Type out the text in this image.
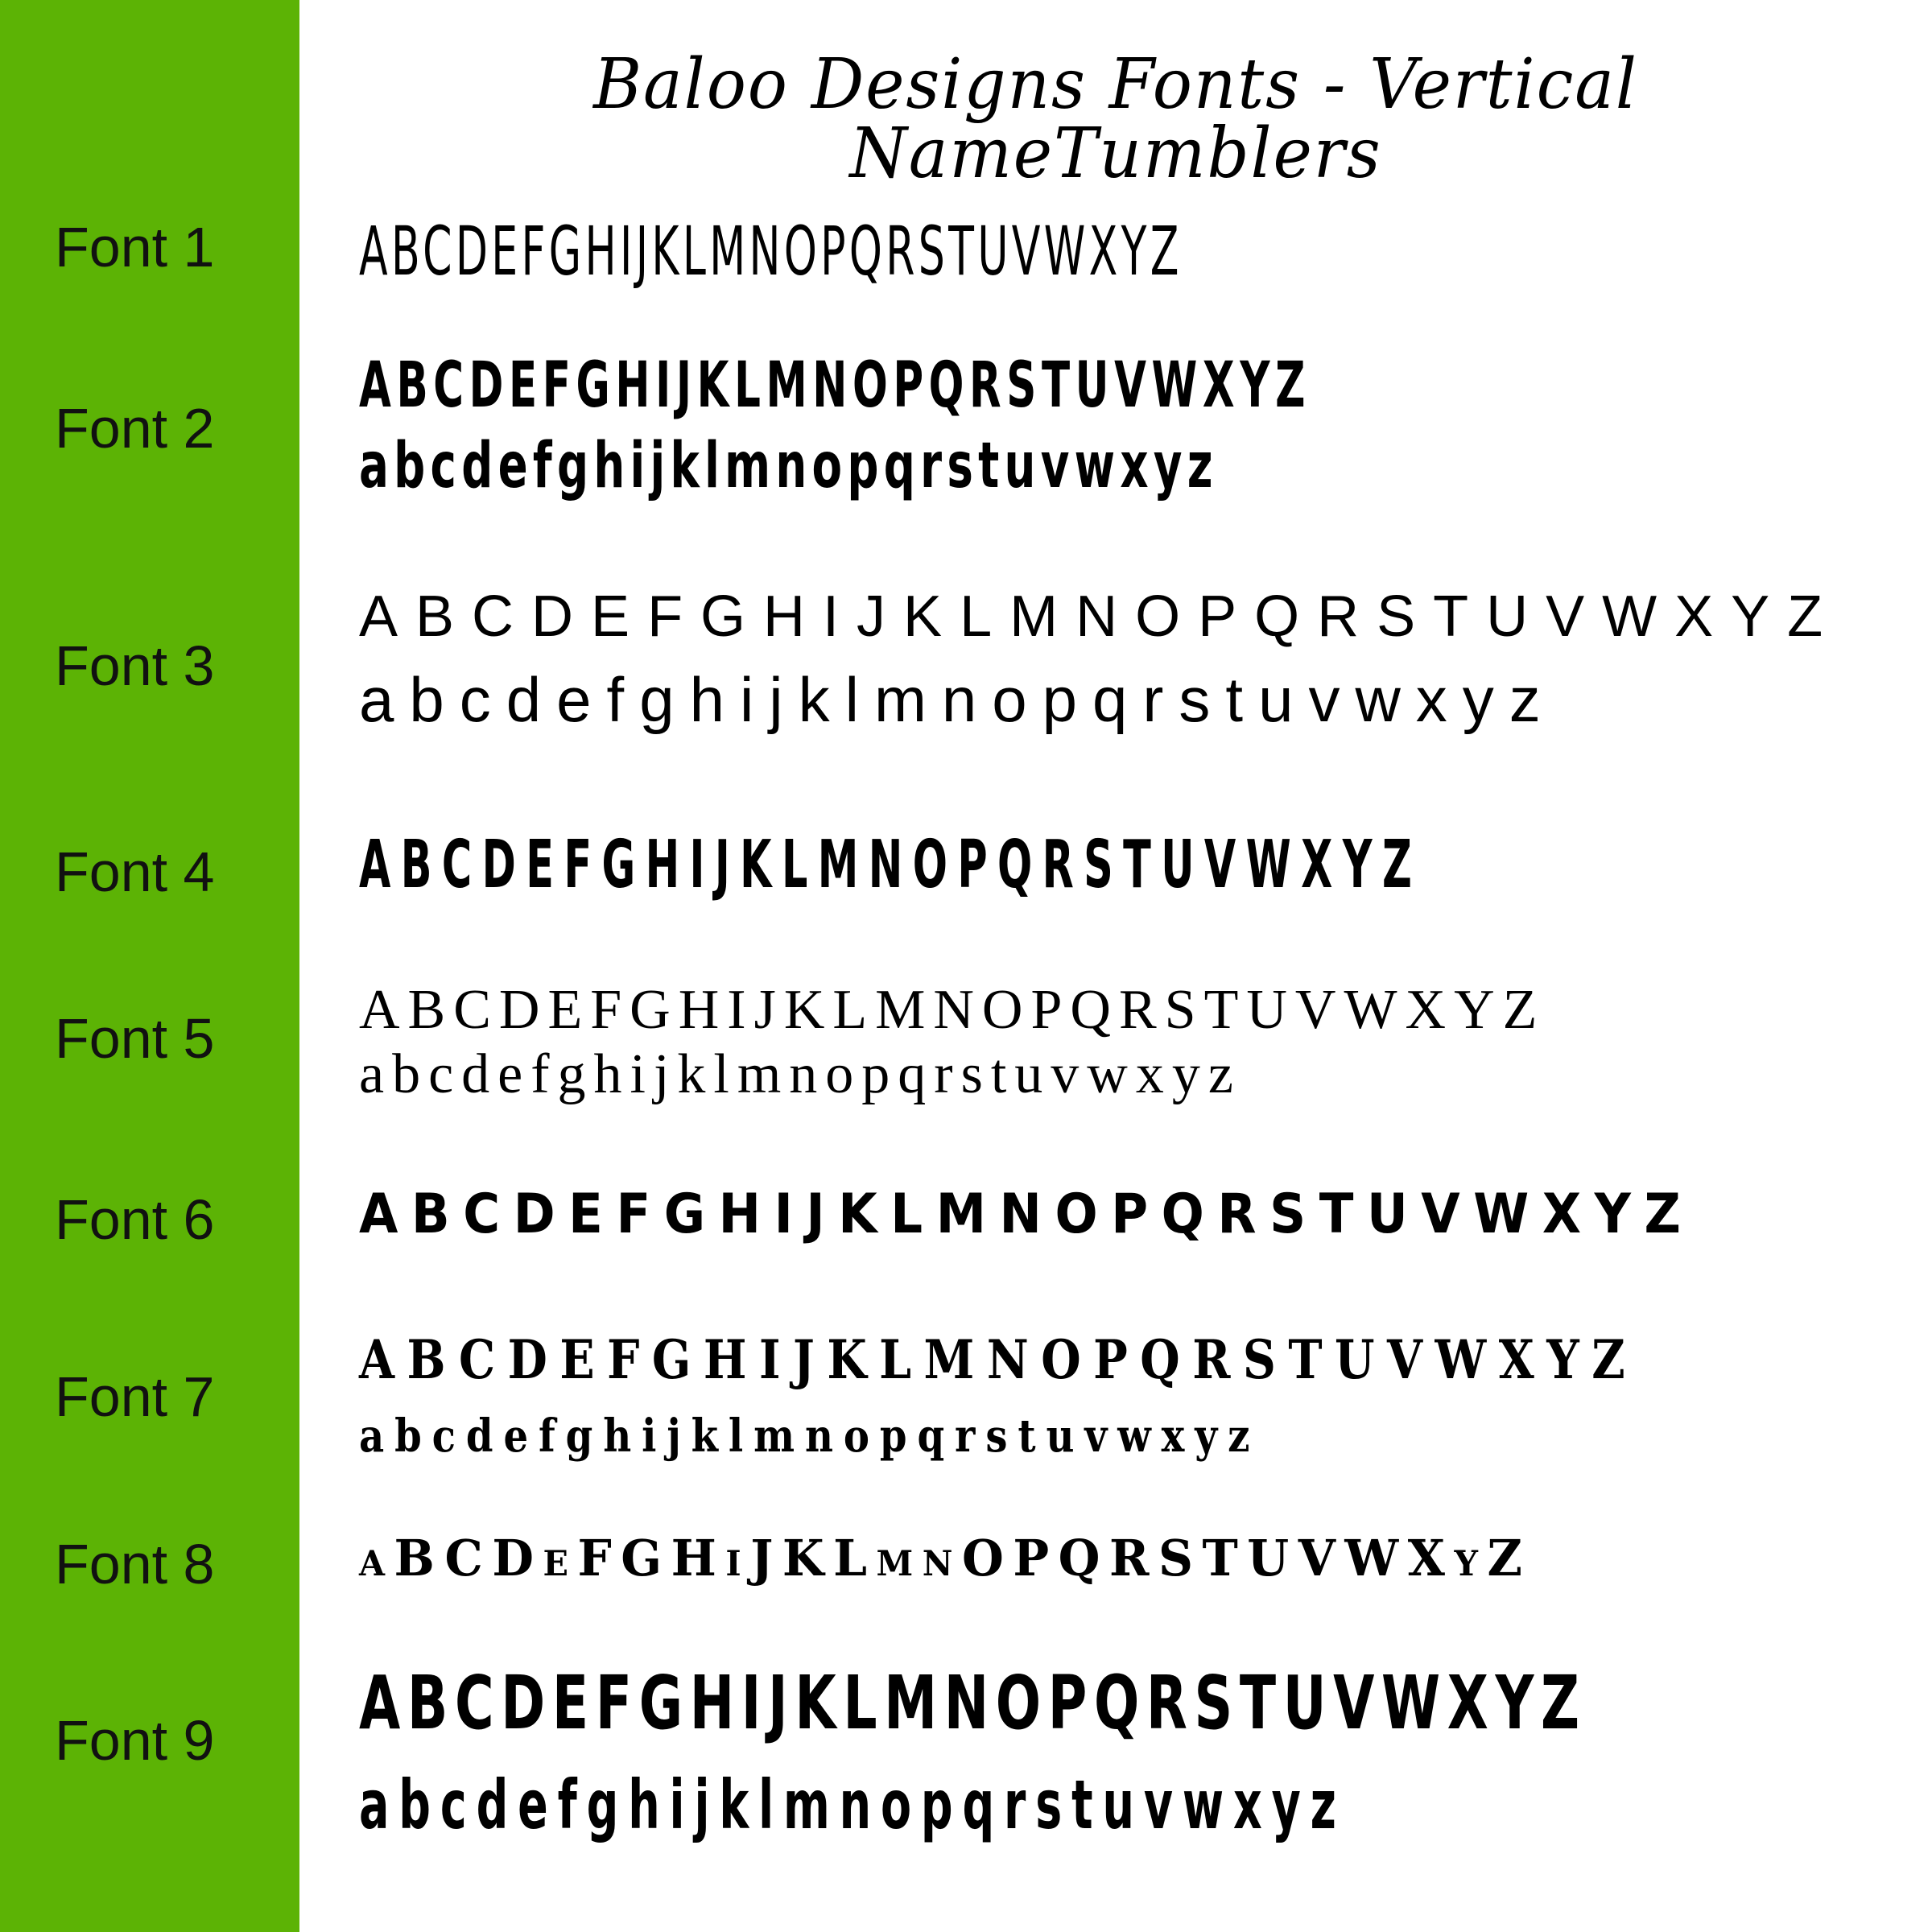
Baloo Designs Fonts - Vertical NameTumblers
Font 1
Font 2
Font 3
Font 4
Font 5
Font 6
Font 7
Font 8
Font 9
ABCDEFGHIJKLMNOPQRSTUVWXYZ
ABCDEFGHIJKLMNOPQRSTUVWXYZ
abcdefghijklmnopqrstuvwxyz
ABCDEFGHIJKLMNOPQRSTUVWXYZ
abcdefghijklmnopqrstuvwxyz
ABCDEFGHIJKLMNOPQRSTUVWXYZ
ABCDEFGHIJKLMNOPQRSTUVWXYZ
abcdefghijklmnopqrstuvwxyz
ABCDEFGHIJKLMNOPQRSTUVWXYZ
ABCDEFGHIJKLMNOPQRSTUVWXYZ
abcdefghijklmnopqrstuvwxyz
aBCDeFGHiJKLmnOPQRSTUVWXyZ
ABCDEFGHIJKLMNOPQRSTUVWXYZ
abcdefghijklmnopqrstuvwxyz
